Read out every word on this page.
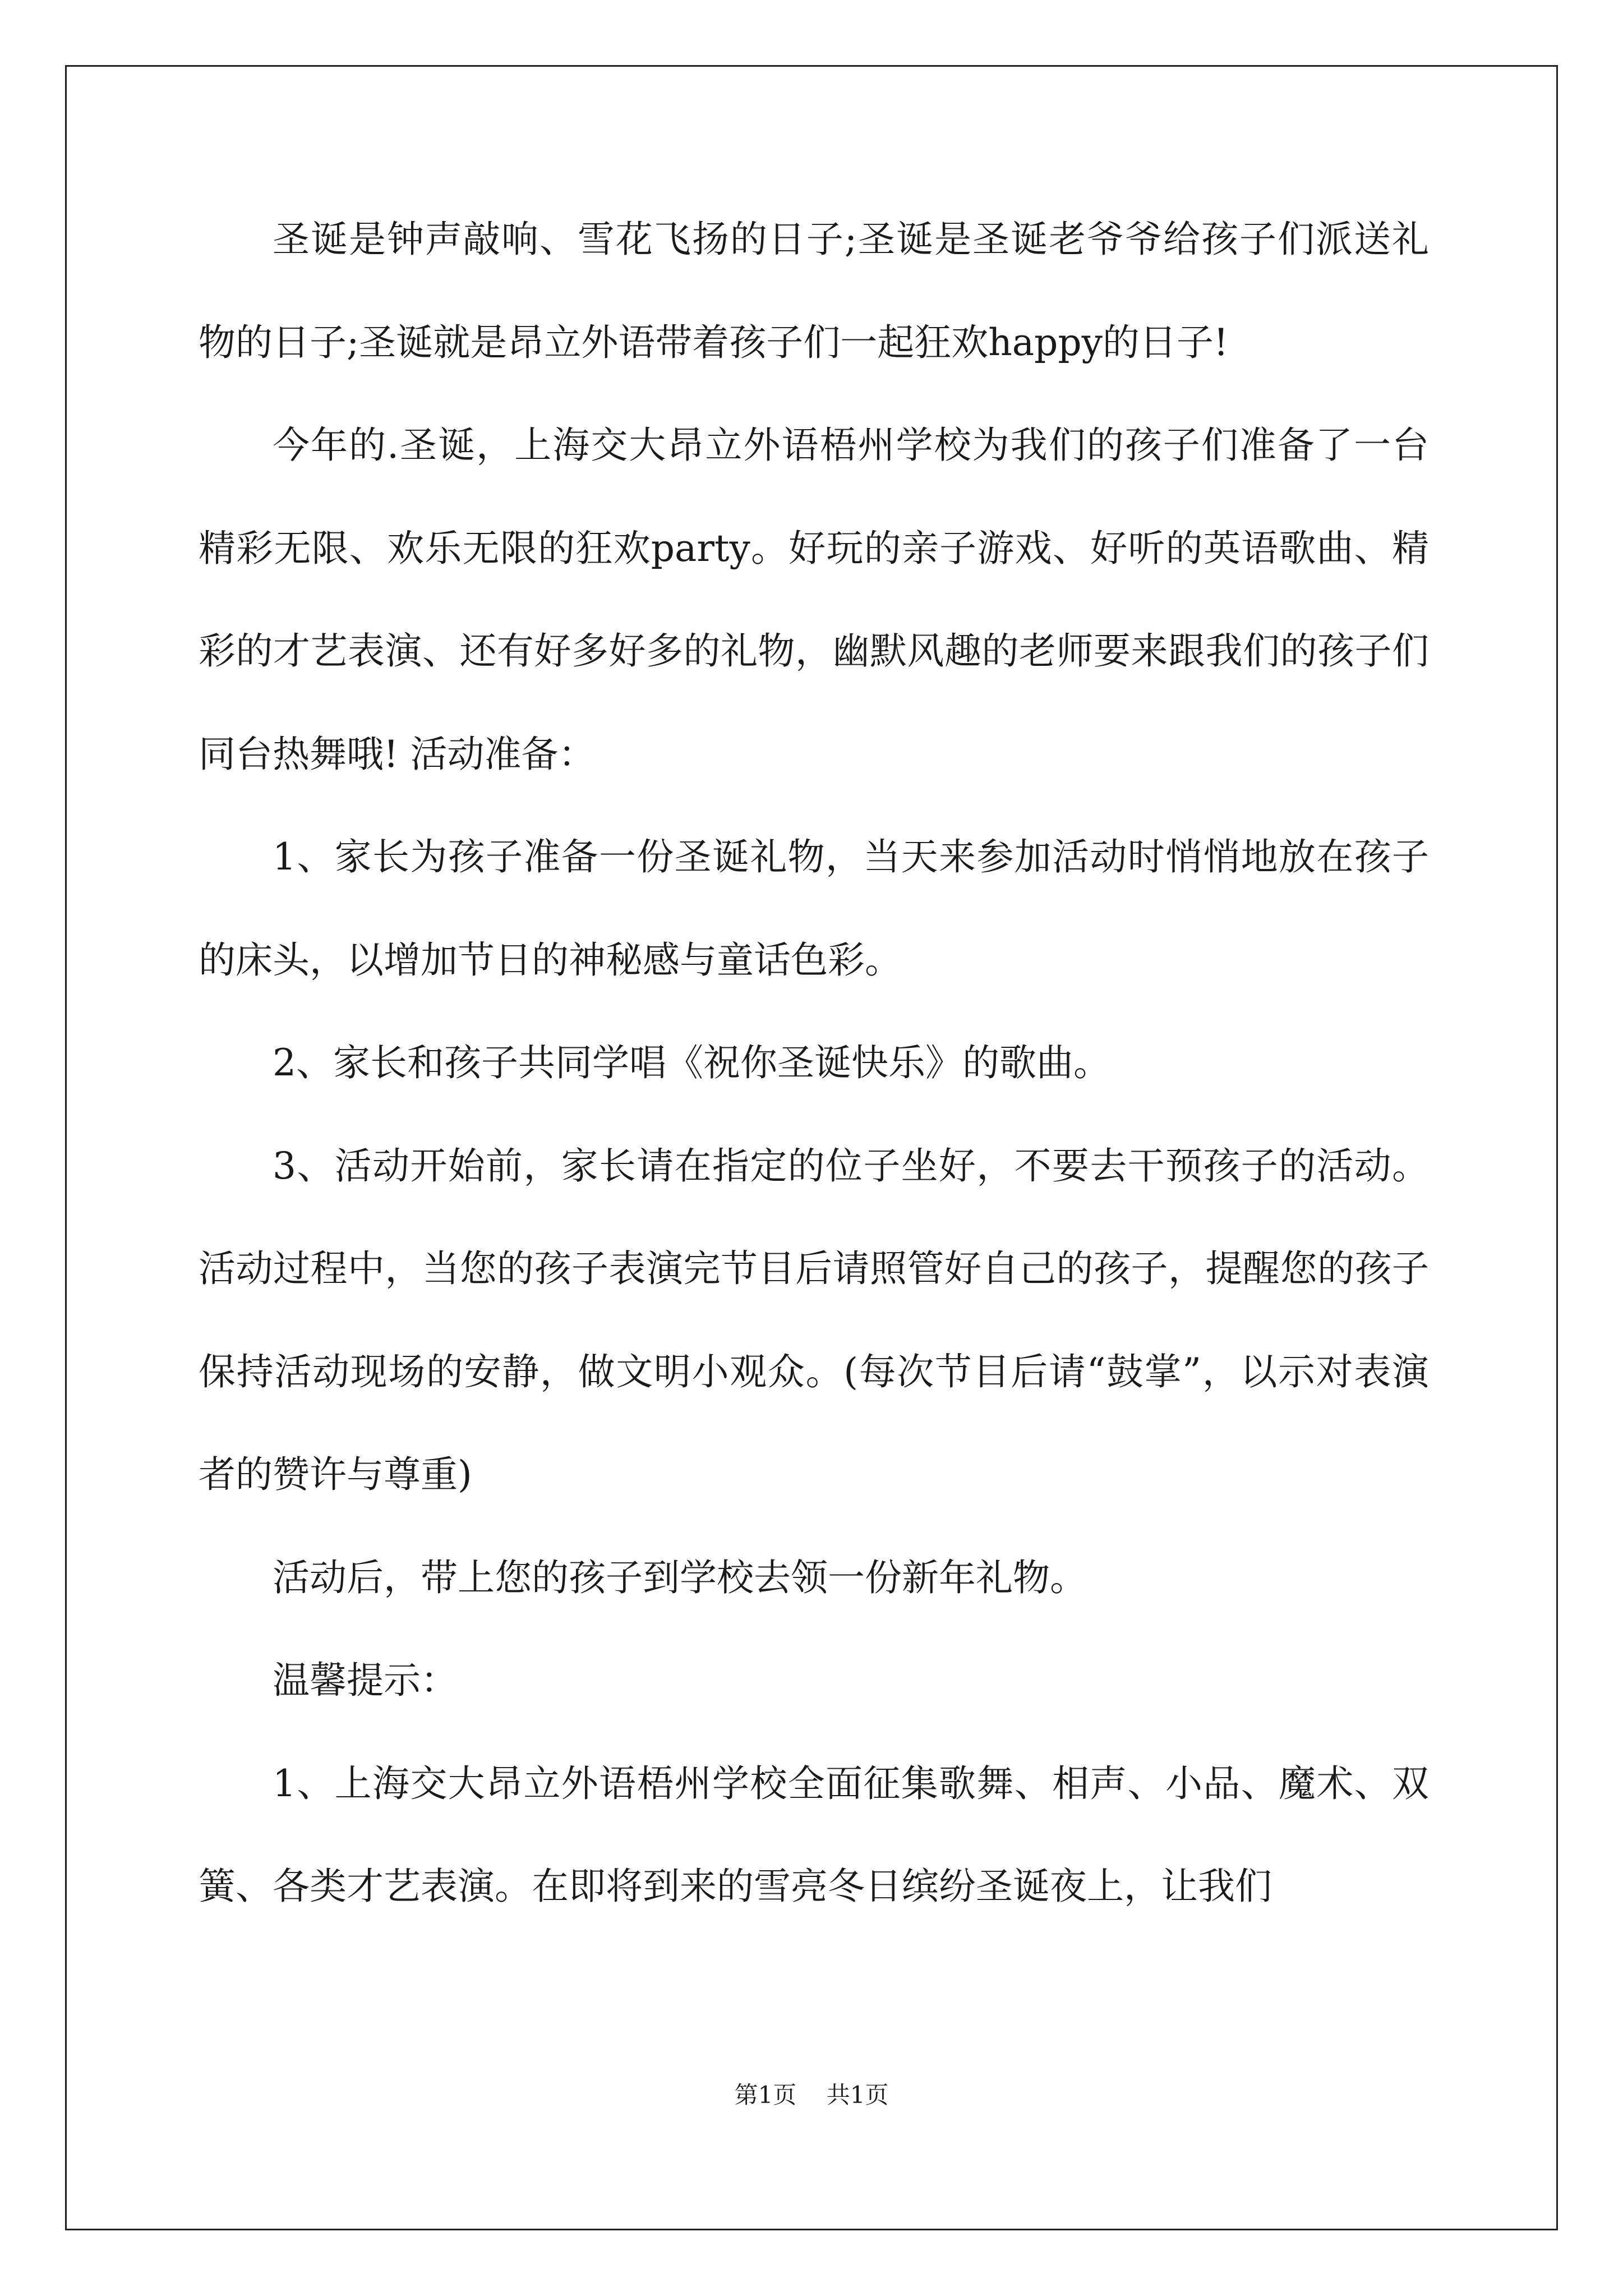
圣诞是钟声敲响、雪花飞扬的日子;圣诞是圣诞老爷爷给孩子们派送礼物的日子;圣诞就是昂立外语带着孩子们一起狂欢happy的日子!

今年的.圣诞，上海交大昂立外语梧州学校为我们的孩子们准备了一台精彩无限、欢乐无限的狂欢party。好玩的亲子游戏、好听的英语歌曲、精彩的才艺表演、还有好多好多的礼物，幽默风趣的老师要来跟我们的孩子们同台热舞哦! 活动准备：

1、家长为孩子准备一份圣诞礼物，当天来参加活动时悄悄地放在孩子的床头，以增加节日的神秘感与童话色彩。

2、家长和孩子共同学唱《祝你圣诞快乐》的歌曲。

3、活动开始前，家长请在指定的位子坐好，不要去干预孩子的活动。 活动过程中，当您的孩子表演完节目后请照管好自己的孩子，提醒您的孩子保持活动现场的安静，做文明小观众。(每次节目后请“鼓掌”，以示对表演者的赞许与尊重)

活动后，带上您的孩子到学校去领一份新年礼物。

温馨提示：

1、上海交大昂立外语梧州学校全面征集歌舞、相声、小品、魔术、双簧、各类才艺表演。在即将到来的雪亮冬日缤纷圣诞夜上，让我们

第1页 共1页
